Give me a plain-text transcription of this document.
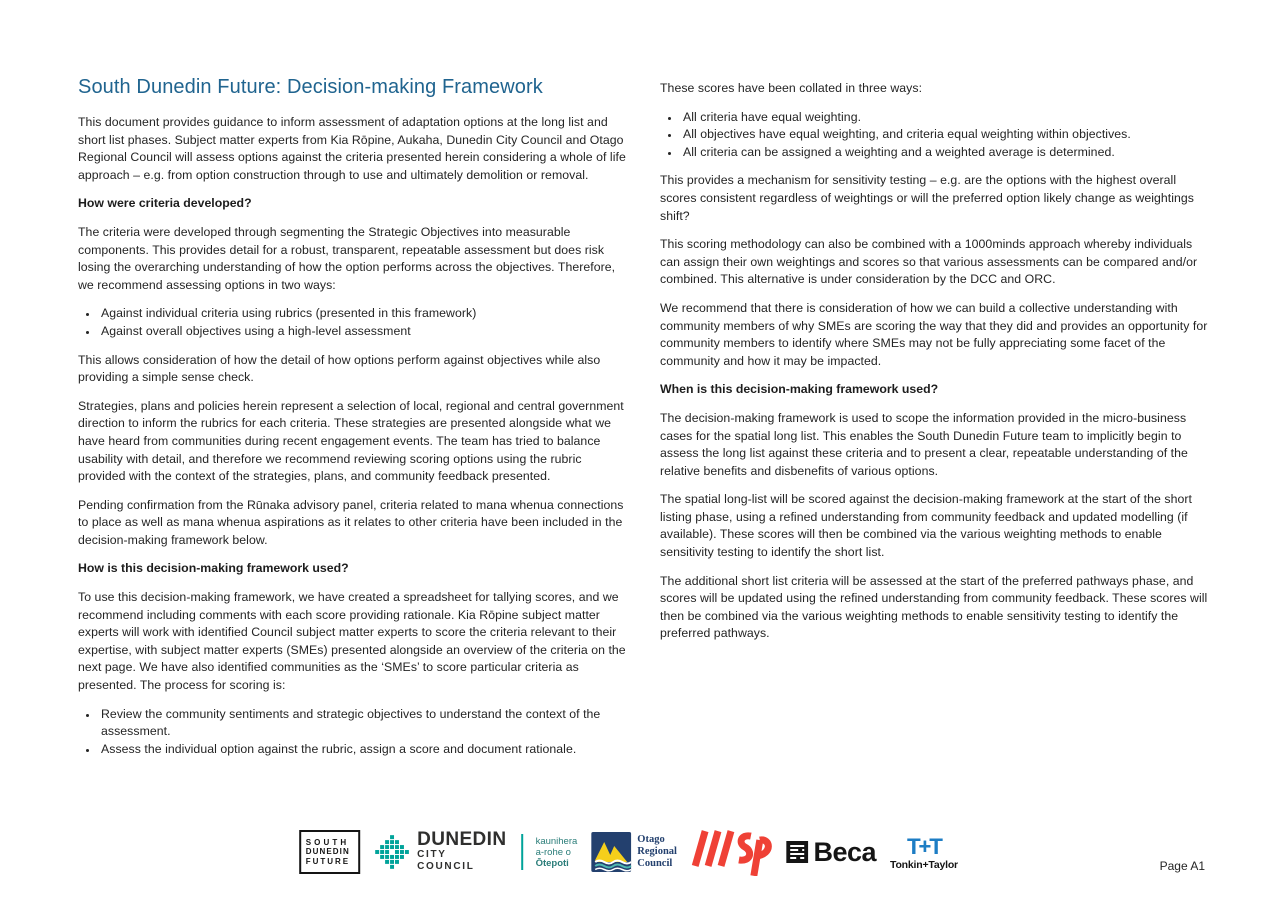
South Dunedin Future: Decision-making Framework

This document provides guidance to inform assessment of adaptation options at the long list and short list phases. Subject matter experts from Kia Rōpine, Aukaha, Dunedin City Council and Otago Regional Council will assess options against the criteria presented herein considering a whole of life approach – e.g. from option construction through to use and ultimately demolition or removal.

How were criteria developed?

The criteria were developed through segmenting the Strategic Objectives into measurable components. This provides detail for a robust, transparent, repeatable assessment but does risk losing the overarching understanding of how the option performs across the objectives. Therefore, we recommend assessing options in two ways:

• Against individual criteria using rubrics (presented in this framework)
• Against overall objectives using a high-level assessment

This allows consideration of how the detail of how options perform against objectives while also providing a simple sense check.

Strategies, plans and policies herein represent a selection of local, regional and central government direction to inform the rubrics for each criteria. These strategies are presented alongside what we have heard from communities during recent engagement events. The team has tried to balance usability with detail, and therefore we recommend reviewing scoring options using the rubric provided with the context of the strategies, plans, and community feedback presented.

Pending confirmation from the Rūnaka advisory panel, criteria related to mana whenua connections to place as well as mana whenua aspirations as it relates to other criteria have been included in the decision-making framework below.

How is this decision-making framework used?

To use this decision-making framework, we have created a spreadsheet for tallying scores, and we recommend including comments with each score providing rationale. Kia Rōpine subject matter experts will work with identified Council subject matter experts to score the criteria relevant to their expertise, with subject matter experts (SMEs) presented alongside an overview of the criteria on the next page. We have also identified communities as the ‘SMEs’ to score particular criteria as presented. The process for scoring is:

• Review the community sentiments and strategic objectives to understand the context of the assessment.
• Assess the individual option against the rubric, assign a score and document rationale.

These scores have been collated in three ways:

• All criteria have equal weighting.
• All objectives have equal weighting, and criteria equal weighting within objectives.
• All criteria can be assigned a weighting and a weighted average is determined.

This provides a mechanism for sensitivity testing – e.g. are the options with the highest overall scores consistent regardless of weightings or will the preferred option likely change as weightings shift?

This scoring methodology can also be combined with a 1000minds approach whereby individuals can assign their own weightings and scores so that various assessments can be compared and/or combined. This alternative is under consideration by the DCC and ORC.

We recommend that there is consideration of how we can build a collective understanding with community members of why SMEs are scoring the way that they did and provides an opportunity for community members to identify where SMEs may not be fully appreciating some facet of the community and how it may be impacted.

When is this decision-making framework used?

The decision-making framework is used to scope the information provided in the micro-business cases for the spatial long list. This enables the South Dunedin Future team to implicitly begin to assess the long list against these criteria and to present a clear, repeatable understanding of the relative benefits and disbenefits of various options.

The spatial long-list will be scored against the decision-making framework at the start of the short listing phase, using a refined understanding from community feedback and updated modelling (if available). These scores will then be combined via the various weighting methods to enable sensitivity testing to identify the short list.

The additional short list criteria will be assessed at the start of the preferred pathways phase, and scores will be updated using the refined understanding from community feedback. These scores will then be combined via the various weighting methods to enable sensitivity testing to identify the preferred pathways.

SOUTH
DUNEDIN
FUTURE
DUNEDIN
CITY COUNCIL
kaunihera
a-rohe o
Ōtepoti
Otago
Regional
Council	Beca T+T
Tonkin+Taylor	Page A1
